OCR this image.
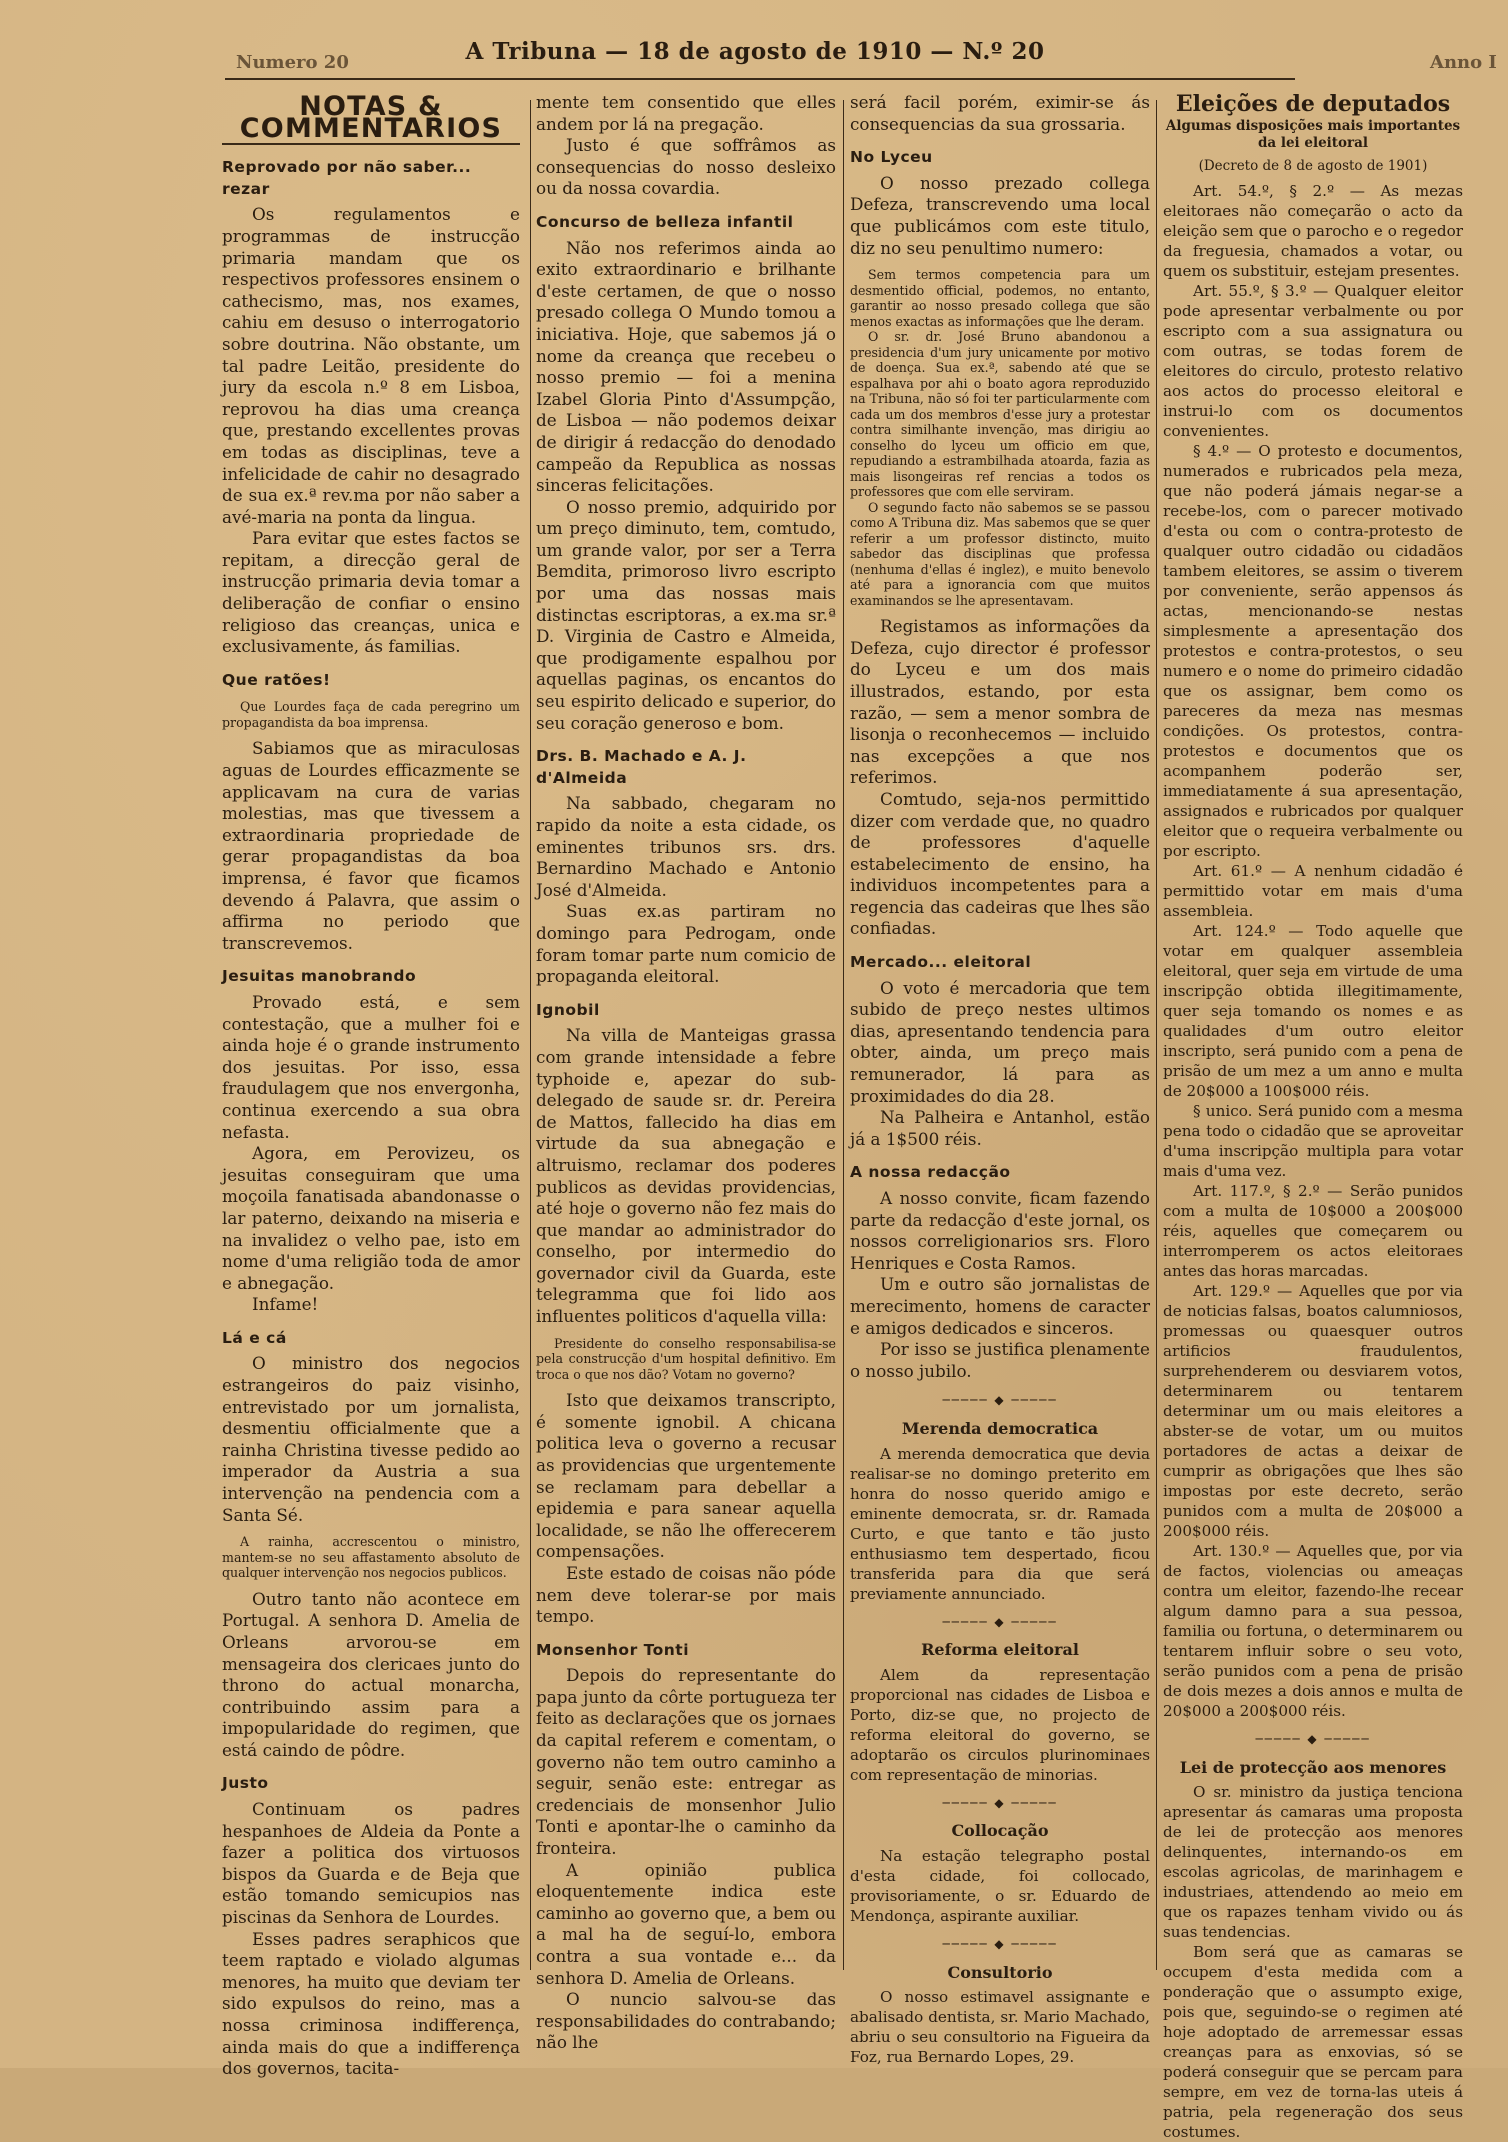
Numero 20	A Tribuna — 18 de agosto de 1910 — N.º 20	Anno I
NOTAS & COMMENTARIOS
Reprovado por não saber... rezar

Os regulamentos e programmas de instrucção primaria mandam que os respectivos professores ensinem o cathecismo, mas, nos exames, cahiu em desuso o interrogatorio sobre doutrina. Não obstante, um tal padre Leitão, presidente do jury da escola n.º 8 em Lisboa, reprovou ha dias uma creança que, prestando excellentes provas em todas as disciplinas, teve a infelicidade de cahir no desagrado de sua ex.ª rev.ma por não saber a avé-maria na ponta da lingua.

Para evitar que estes factos se repitam, a direcção geral de instrucção primaria devia tomar a deliberação de confiar o ensino religioso das creanças, unica e exclusivamente, ás familias.

Que ratões!

Que Lourdes faça de cada peregrino um propagandista da boa imprensa.

Sabiamos que as miraculosas aguas de Lourdes efficazmente se applicavam na cura de varias molestias, mas que tivessem a extraordinaria propriedade de gerar propagandistas da boa imprensa, é favor que ficamos devendo á Palavra, que assim o affirma no periodo que transcrevemos.

Jesuitas manobrando

Provado está, e sem contestação, que a mulher foi e ainda hoje é o grande instrumento dos jesuitas. Por isso, essa fraudulagem que nos envergonha, continua exercendo a sua obra nefasta.

Agora, em Perovizeu, os jesuitas conseguiram que uma moçoila fanatisada abandonasse o lar paterno, deixando na miseria e na invalidez o velho pae, isto em nome d'uma religião toda de amor e abnegação.

Infame!

Lá e cá

O ministro dos negocios estrangeiros do paiz visinho, entrevistado por um jornalista, desmentiu officialmente que a rainha Christina tivesse pedido ao imperador da Austria a sua intervenção na pendencia com a Santa Sé.

A rainha, accrescentou o ministro, mantem-se no seu affastamento absoluto de qualquer intervenção nos negocios publicos.

Outro tanto não acontece em Portugal. A senhora D. Amelia de Orleans arvorou-se em mensageira dos clericaes junto do throno do actual monarcha, contribuindo assim para a impopularidade do regimen, que está caindo de pôdre.

Justo

Continuam os padres hespanhoes de Aldeia da Ponte a fazer a politica dos virtuosos bispos da Guarda e de Beja que estão tomando semicupios nas piscinas da Senhora de Lourdes.

Esses padres seraphicos que teem raptado e violado algumas menores, ha muito que deviam ter sido expulsos do reino, mas a nossa criminosa indifferença, ainda mais do que a indifferença dos governos, tacita-

mente tem consentido que elles andem por lá na pregação.

Justo é que soffrâmos as consequencias do nosso desleixo ou da nossa covardia.

Concurso de belleza infantil

Não nos referimos ainda ao exito extraordinario e brilhante d'este certamen, de que o nosso presado collega O Mundo tomou a iniciativa. Hoje, que sabemos já o nome da creança que recebeu o nosso premio — foi a menina Izabel Gloria Pinto d'Assumpção, de Lisboa — não podemos deixar de dirigir á redacção do denodado campeão da Republica as nossas sinceras felicitações.

O nosso premio, adquirido por um preço diminuto, tem, comtudo, um grande valor, por ser a Terra Bemdita, primoroso livro escripto por uma das nossas mais distinctas escriptoras, a ex.ma sr.ª D. Virginia de Castro e Almeida, que prodigamente espalhou por aquellas paginas, os encantos do seu espirito delicado e superior, do seu coração generoso e bom.

Drs. B. Machado e A. J. d'Almeida

Na sabbado, chegaram no rapido da noite a esta cidade, os eminentes tribunos srs. drs. Bernardino Machado e Antonio José d'Almeida.

Suas ex.as partiram no domingo para Pedrogam, onde foram tomar parte num comicio de propaganda eleitoral.

Ignobil

Na villa de Manteigas grassa com grande intensidade a febre typhoide e, apezar do sub-delegado de saude sr. dr. Pereira de Mattos, fallecido ha dias em virtude da sua abnegação e altruismo, reclamar dos poderes publicos as devidas providencias, até hoje o governo não fez mais do que mandar ao administrador do conselho, por intermedio do governador civil da Guarda, este telegramma que foi lido aos influentes politicos d'aquella villa:

Presidente do conselho responsabilisa-se pela construcção d'um hospital definitivo. Em troca o que nos dão? Votam no governo?

Isto que deixamos transcripto, é somente ignobil. A chicana politica leva o governo a recusar as providencias que urgentemente se reclamam para debellar a epidemia e para sanear aquella localidade, se não lhe offerecerem compensações.

Este estado de coisas não póde nem deve tolerar-se por mais tempo.

Monsenhor Tonti

Depois do representante do papa junto da côrte portugueza ter feito as declarações que os jornaes da capital referem e comentam, o governo não tem outro caminho a seguir, senão este: entregar as credenciais de monsenhor Julio Tonti e apontar-lhe o caminho da fronteira.

A opinião publica eloquentemente indica este caminho ao governo que, a bem ou a mal ha de seguí-lo, embora contra a sua vontade e... da senhora D. Amelia de Orleans.

O nuncio salvou-se das responsabilidades do contrabando; não lhe

será facil porém, eximir-se ás consequencias da sua grossaria.

No Lyceu

O nosso prezado collega Defeza, transcrevendo uma local que publicámos com este titulo, diz no seu penultimo numero:

Sem termos competencia para um desmentido official, podemos, no entanto, garantir ao nosso presado collega que são menos exactas as informações que lhe deram.

O sr. dr. José Bruno abandonou a presidencia d'um jury unicamente por motivo de doença. Sua ex.ª, sabendo até que se espalhava por ahi o boato agora reproduzido na Tribuna, não só foi ter particularmente com cada um dos membros d'esse jury a protestar contra similhante invenção, mas dirigiu ao conselho do lyceu um officio em que, repudiando a estrambilhada atoarda, fazia as mais lisongeiras ref rencias a todos os professores que com elle serviram.

O segundo facto não sabemos se se passou como A Tribuna diz. Mas sabemos que se quer referir a um professor distincto, muito sabedor das disciplinas que professa (nenhuma d'ellas é inglez), e muito benevolo até para a ignorancia com que muitos examinandos se lhe apresentavam.

Registamos as informações da Defeza, cujo director é professor do Lyceu e um dos mais illustrados, estando, por esta razão, — sem a menor sombra de lisonja o reconhecemos — incluido nas excepções a que nos referimos.

Comtudo, seja-nos permittido dizer com verdade que, no quadro de professores d'aquelle estabelecimento de ensino, ha individuos incompetentes para a regencia das cadeiras que lhes são confiadas.

Mercado... eleitoral

O voto é mercadoria que tem subido de preço nestes ultimos dias, apresentando tendencia para obter, ainda, um preço mais remunerador, lá para as proximidades do dia 28.

Na Palheira e Antanhol, estão já a 1$500 réis.

A nossa redacção

A nosso convite, ficam fazendo parte da redacção d'este jornal, os nossos correligionarios srs. Floro Henriques e Costa Ramos.

Um e outro são jornalistas de merecimento, homens de caracter e amigos dedicados e sinceros.

Por isso se justifica plenamente o nosso jubilo.

───── ◆ ─────
Merenda democratica

A merenda democratica que devia realisar-se no domingo preterito em honra do nosso querido amigo e eminente democrata, sr. dr. Ramada Curto, e que tanto e tão justo enthusiasmo tem despertado, ficou transferida para dia que será previamente annunciado.

───── ◆ ─────
Reforma eleitoral

Alem da representação proporcional nas cidades de Lisboa e Porto, diz-se que, no projecto de reforma eleitoral do governo, se adoptarão os circulos plurinominaes com representação de minorias.

───── ◆ ─────
Collocação

Na estação telegrapho postal d'esta cidade, foi collocado, provisoriamente, o sr. Eduardo de Mendonça, aspirante auxiliar.

───── ◆ ─────
Consultorio

O nosso estimavel assignante e abalisado dentista, sr. Mario Machado, abriu o seu consultorio na Figueira da Foz, rua Bernardo Lopes, 29.

Eleições de deputados
Algumas disposições mais importantes da lei eleitoral
(Decreto de 8 de agosto de 1901)

Art. 54.º, § 2.º — As mezas eleitoraes não começarão o acto da eleição sem que o parocho e o regedor da freguesia, chamados a votar, ou quem os substituir, estejam presentes.

Art. 55.º, § 3.º — Qualquer eleitor pode apresentar verbalmente ou por escripto com a sua assignatura ou com outras, se todas forem de eleitores do circulo, protesto relativo aos actos do processo eleitoral e instrui-lo com os documentos convenientes.

§ 4.º — O protesto e documentos, numerados e rubricados pela meza, que não poderá jámais negar-se a recebe-los, com o parecer motivado d'esta ou com o contra-protesto de qualquer outro cidadão ou cidadãos tambem eleitores, se assim o tiverem por conveniente, serão appensos ás actas, mencionando-se nestas simplesmente a apresentação dos protestos e contra-protestos, o seu numero e o nome do primeiro cidadão que os assignar, bem como os pareceres da meza nas mesmas condições. Os protestos, contra-protestos e documentos que os acompanhem poderão ser, immediatamente á sua apresentação, assignados e rubricados por qualquer eleitor que o requeira verbalmente ou por escripto.

Art. 61.º — A nenhum cidadão é permittido votar em mais d'uma assembleia.

Art. 124.º — Todo aquelle que votar em qualquer assembleia eleitoral, quer seja em virtude de uma inscripção obtida illegitimamente, quer seja tomando os nomes e as qualidades d'um outro eleitor inscripto, será punido com a pena de prisão de um mez a um anno e multa de 20$000 a 100$000 réis.

§ unico. Será punido com a mesma pena todo o cidadão que se aproveitar d'uma inscripção multipla para votar mais d'uma vez.

Art. 117.º, § 2.º — Serão punidos com a multa de 10$000 a 200$000 réis, aquelles que começarem ou interromperem os actos eleitoraes antes das horas marcadas.

Art. 129.º — Aquelles que por via de noticias falsas, boatos calumniosos, promessas ou quaesquer outros artificios fraudulentos, surprehenderem ou desviarem votos, determinarem ou tentarem determinar um ou mais eleitores a abster-se de votar, um ou muitos portadores de actas a deixar de cumprir as obrigações que lhes são impostas por este decreto, serão punidos com a multa de 20$000 a 200$000 réis.

Art. 130.º — Aquelles que, por via de factos, violencias ou ameaças contra um eleitor, fazendo-lhe recear algum damno para a sua pessoa, familia ou fortuna, o determinarem ou tentarem influir sobre o seu voto, serão punidos com a pena de prisão de dois mezes a dois annos e multa de 20$000 a 200$000 réis.

───── ◆ ─────
Lei de protecção aos menores

O sr. ministro da justiça tenciona apresentar ás camaras uma proposta de lei de protecção aos menores delinquentes, internando-os em escolas agricolas, de marinhagem e industriaes, attendendo ao meio em que os rapazes tenham vivido ou ás suas tendencias.

Bom será que as camaras se occupem d'esta medida com a ponderação que o assumpto exige, pois que, seguindo-se o regimen até hoje adoptado de arremessar essas creanças para as enxovias, só se poderá conseguir que se percam para sempre, em vez de torna-las uteis á patria, pela regeneração dos seus costumes.
